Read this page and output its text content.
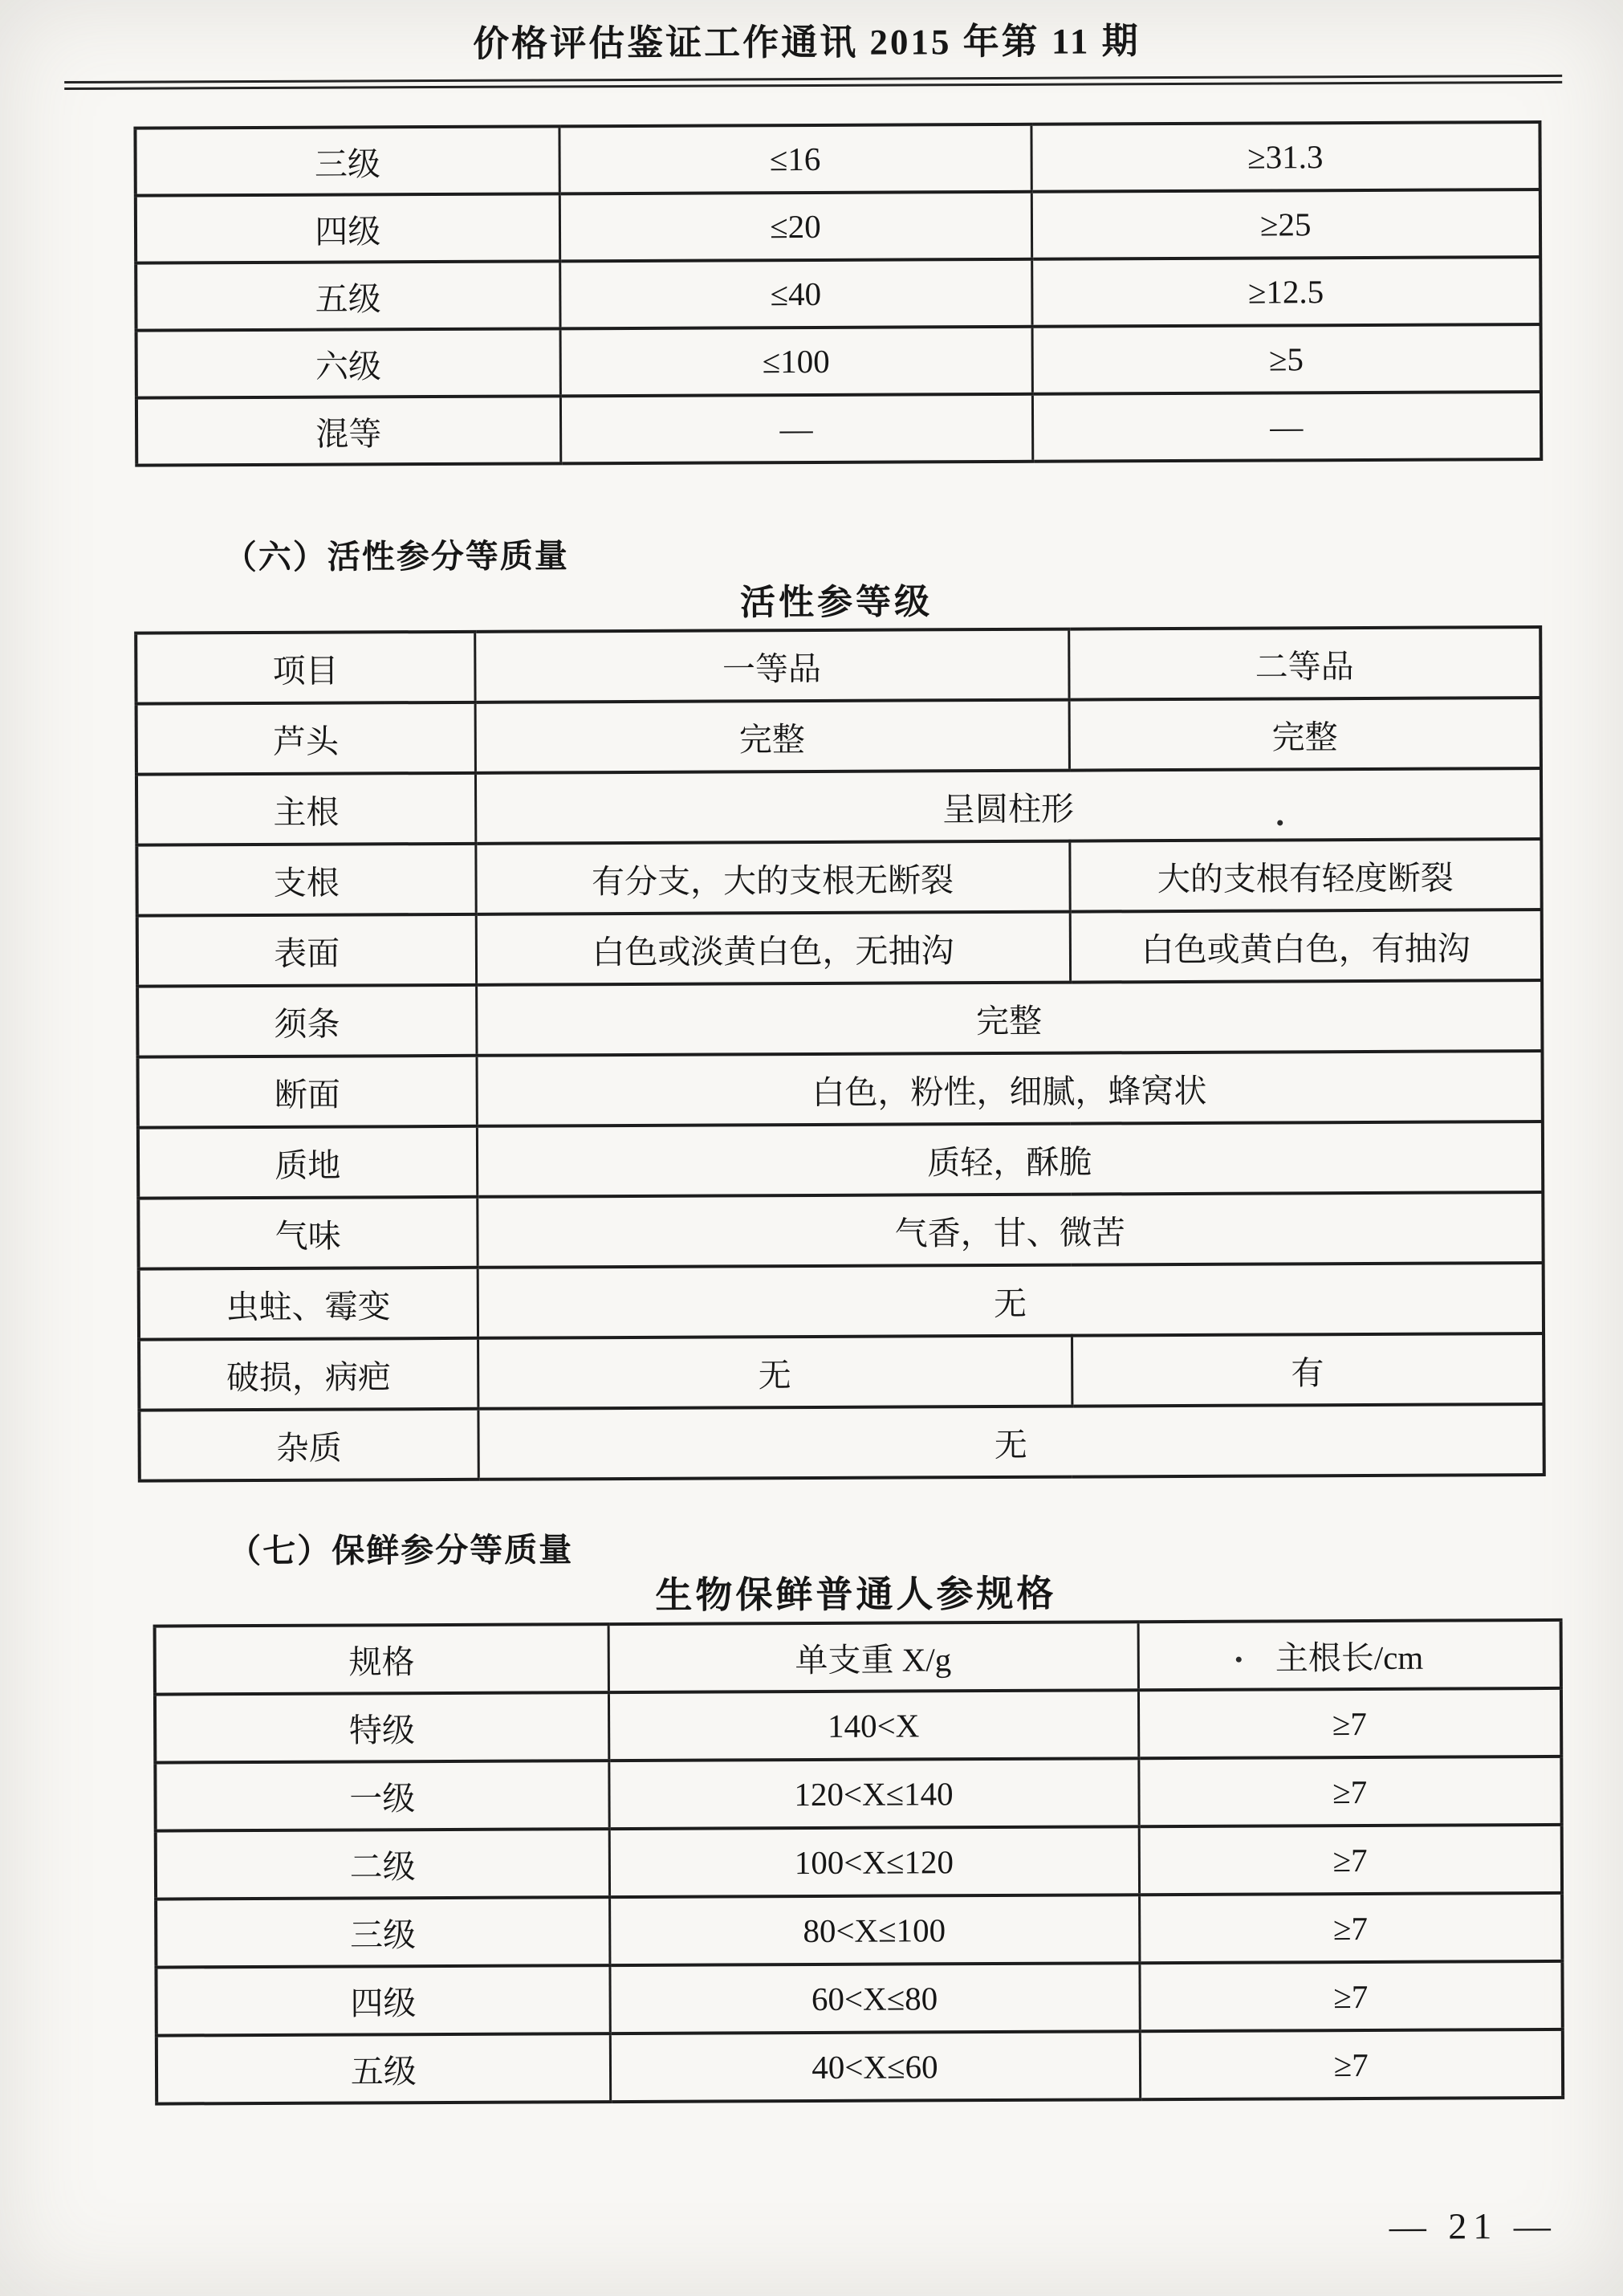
价格评估鉴证工作通讯 2015 年第 11 期
三级	≤16	≥31.3
四级	≤20	≥25
五级	≤40	≥12.5
六级	≤100	≥5
混等	—	—
（六）活性参分等质量
活性参等级
项目	一等品	二等品
芦头	完整	完整
主根	呈圆柱形	

支根	有分支，大的支根无断裂	大的支根有轻度断裂
表面	白色或淡黄白色，无抽沟	白色或黄白色，有抽沟
须条	完整	
断面	白色，粉性，细腻，蜂窝状	
质地	质轻，酥脆	
气味	气香，甘、微苦	
虫蛀、霉变	无	
破损，病疤	无	有
杂质	无	
（七）保鲜参分等质量
生物保鲜普通人参规格
规格	单支重 X/g	主根长/cm
特级	140<X	≥7
一级	120<X≤140	≥7
二级	100<X≤120	≥7
三级	80<X≤100	≥7
四级	60<X≤80	≥7
五级	40<X≤60	≥7
— 21 —
